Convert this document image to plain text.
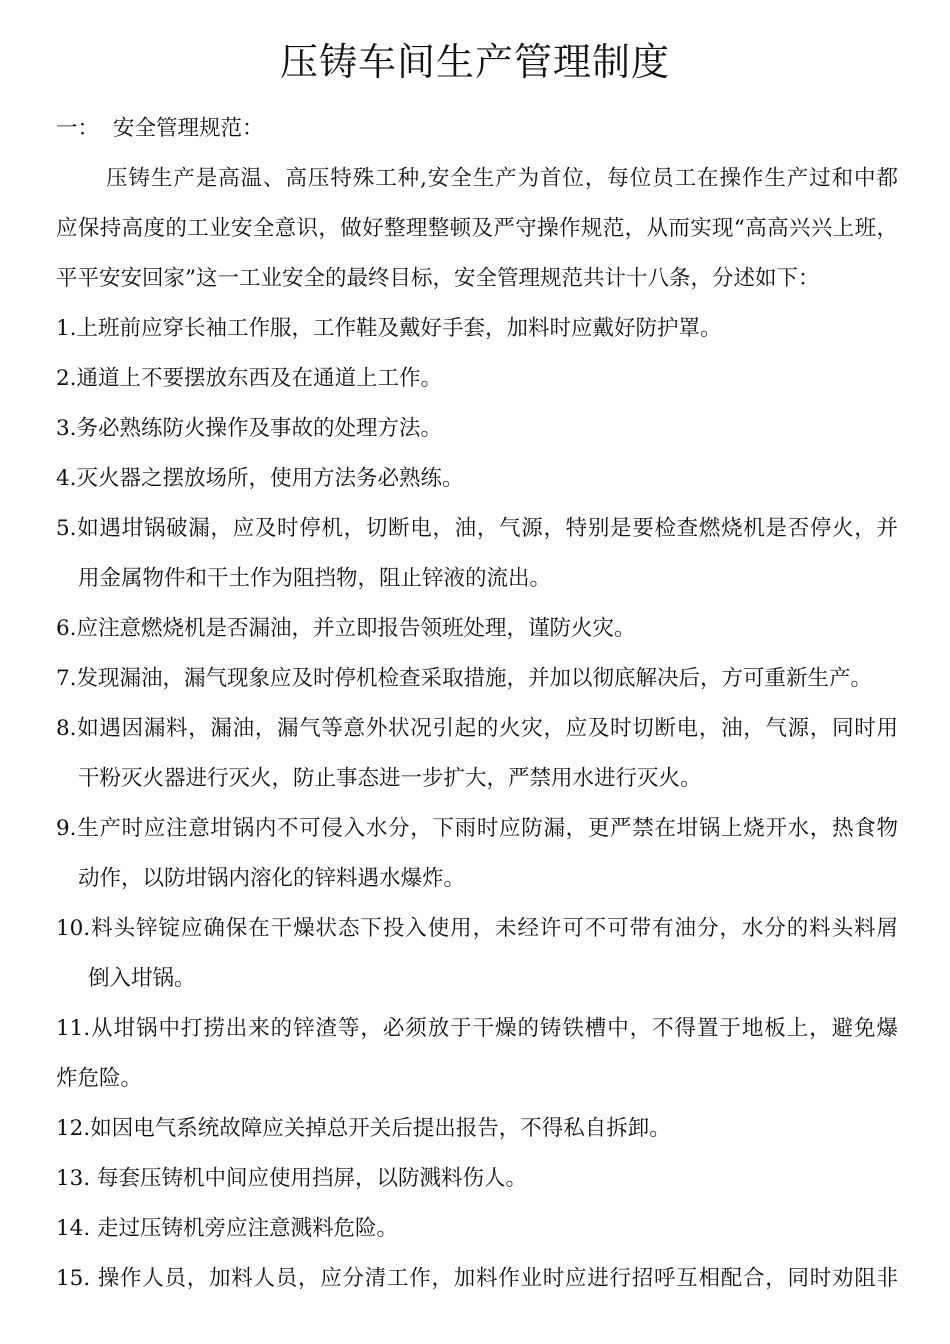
压铸车间生产管理制度
一： 安全管理规范：
压铸生产是高温、高压特殊工种,安全生产为首位，每位员工在操作生产过和中都
应保持高度的工业安全意识，做好整理整顿及严守操作规范，从而实现“高高兴兴上班，
平平安安回家”这一工业安全的最终目标，安全管理规范共计十八条，分述如下：
1.上班前应穿长袖工作服，工作鞋及戴好手套，加料时应戴好防护罩。
2.通道上不要摆放东西及在通道上工作。
3.务必熟练防火操作及事故的处理方法。
4.灭火器之摆放场所，使用方法务必熟练。
5.如遇坩锅破漏，应及时停机，切断电，油，气源，特别是要检查燃烧机是否停火，并
用金属物件和干土作为阻挡物，阻止锌液的流出。
6.应注意燃烧机是否漏油，并立即报告领班处理，谨防火灾。
7.发现漏油，漏气现象应及时停机检查采取措施，并加以彻底解决后，方可重新生产。
8.如遇因漏料，漏油，漏气等意外状况引起的火灾，应及时切断电，油，气源，同时用
干粉灭火器进行灭火，防止事态进一步扩大，严禁用水进行灭火。
9.生产时应注意坩锅内不可侵入水分，下雨时应防漏，更严禁在坩锅上烧开水，热食物
动作，以防坩锅内溶化的锌料遇水爆炸。
10.料头锌锭应确保在干燥状态下投入使用，未经许可不可带有油分，水分的料头料屑
倒入坩锅。
11.从坩锅中打捞出来的锌渣等，必须放于干燥的铸铁槽中，不得置于地板上，避免爆
炸危险。
12.如因电气系统故障应关掉总开关后提出报告，不得私自拆卸。
13. 每套压铸机中间应使用挡屏，以防溅料伤人。
14. 走过压铸机旁应注意溅料危险。
15. 操作人员，加料人员，应分清工作，加料作业时应进行招呼互相配合，同时劝阻非
